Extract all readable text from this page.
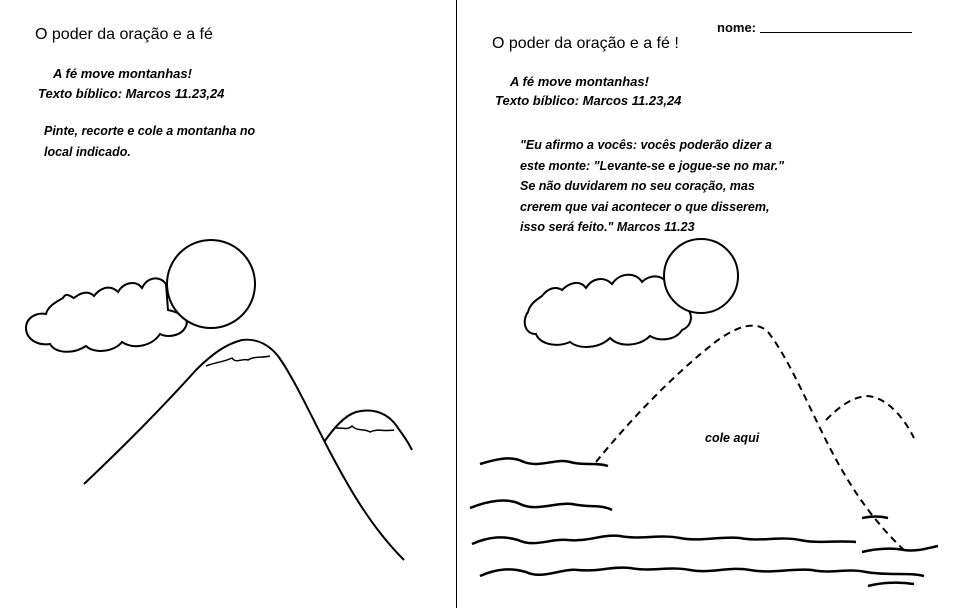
O poder da oração e a fé
A fé move montanhas!
Texto bíblico: Marcos 11.23,24
Pinte, recorte e cole a montanha no
local indicado.
nome:
O poder da oração e a fé !
A fé move montanhas!
Texto bíblico: Marcos 11.23,24
"Eu afirmo a vocês: vocês poderão dizer a
este monte: "Levante-se e jogue-se no mar."
Se não duvidarem no seu coração, mas
crerem que vai acontecer o que disserem,
isso será feito." Marcos 11.23
cole aqui
